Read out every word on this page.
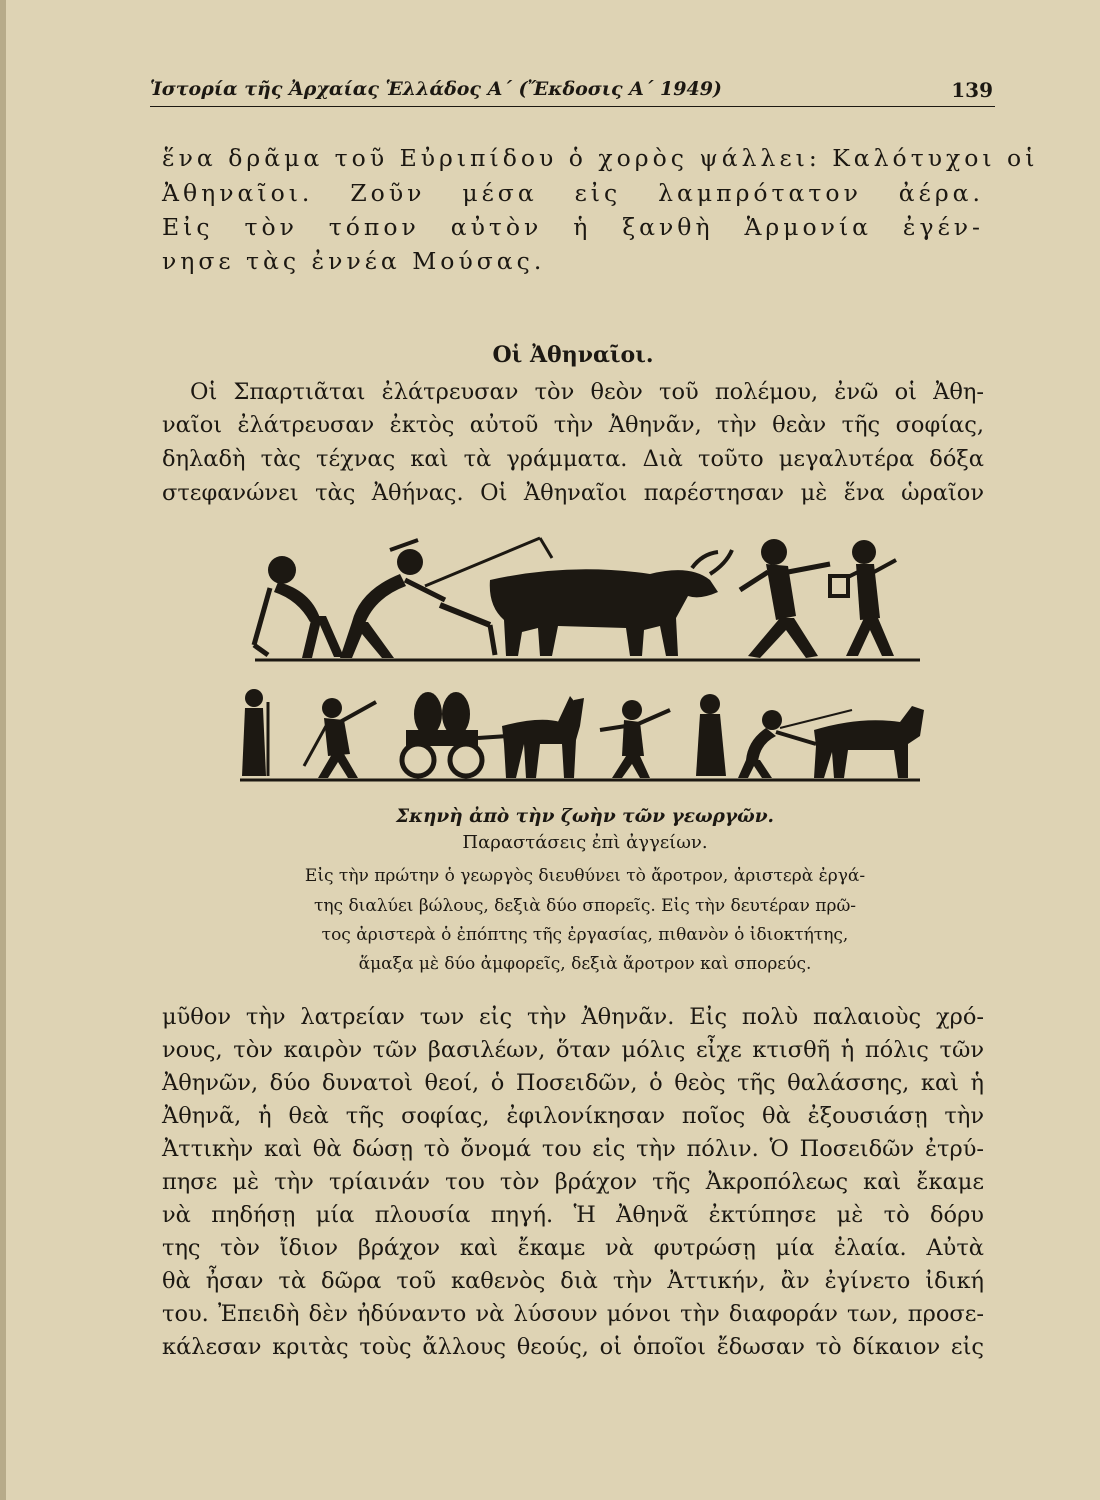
Ἱστορία τῆς Ἀρχαίας Ἑλλάδος Α΄ (Ἔκδοσις Α΄ 1949)	139
ἕνα δρᾶμα τοῦ Εὐριπίδου ὁ χορὸς ψάλλει: Καλότυχοι οἱ
Ἀθηναῖοι. Ζοῦν μέσα εἰς λαμπρότατον ἀέρα.
Εἰς τὸν τόπον αὐτὸν ἡ ξανθὴ Ἁρμονία ἐγέν-
νησε τὰς ἐννέα Μούσας.
Οἱ Ἀθηναῖοι.
Οἱ Σπαρτιᾶται ἐλάτρευσαν τὸν θεὸν τοῦ πολέμου, ἐνῶ οἱ Ἀθη-
ναῖοι ἐλάτρευσαν ἐκτὸς αὐτοῦ τὴν Ἀθηνᾶν, τὴν θεὰν τῆς σοφίας,
δηλαδὴ τὰς τέχνας καὶ τὰ γράμματα. Διὰ τοῦτο μεγαλυτέρα δόξα
στεφανώνει τὰς Ἀθήνας. Οἱ Ἀθηναῖοι παρέστησαν μὲ ἕνα ὡραῖον
Σκηνὴ ἀπὸ τὴν ζωὴν τῶν γεωργῶν.
Παραστάσεις ἐπὶ ἀγγείων.
Εἰς τὴν πρώτην ὁ γεωργὸς διευθύνει τὸ ἄροτρον, ἀριστερὰ ἐργά-
της διαλύει βώλους, δεξιὰ δύο σπορεῖς. Εἰς τὴν δευτέραν πρῶ-
τος ἀριστερὰ ὁ ἐπόπτης τῆς ἐργασίας, πιθανὸν ὁ ἰδιοκτήτης,
ἅμαξα μὲ δύο ἀμφορεῖς, δεξιὰ ἄροτρον καὶ σπορεύς.
μῦθον τὴν λατρείαν των εἰς τὴν Ἀθηνᾶν. Εἰς πολὺ παλαιοὺς χρό-
νους, τὸν καιρὸν τῶν βασιλέων, ὅταν μόλις εἶχε κτισθῆ ἡ πόλις τῶν
Ἀθηνῶν, δύο δυνατοὶ θεοί, ὁ Ποσειδῶν, ὁ θεὸς τῆς θαλάσσης, καὶ ἡ
Ἀθηνᾶ, ἡ θεὰ τῆς σοφίας, ἐφιλονίκησαν ποῖος θὰ ἐξουσιάσῃ τὴν
Ἀττικὴν καὶ θὰ δώσῃ τὸ ὄνομά του εἰς τὴν πόλιν. Ὁ Ποσειδῶν ἐτρύ-
πησε μὲ τὴν τρίαινάν του τὸν βράχον τῆς Ἀκροπόλεως καὶ ἔκαμε
νὰ πηδήσῃ μία πλουσία πηγή. Ἡ Ἀθηνᾶ ἐκτύπησε μὲ τὸ δόρυ
της τὸν ἴδιον βράχον καὶ ἔκαμε νὰ φυτρώσῃ μία ἐλαία. Αὐτὰ
θὰ ἦσαν τὰ δῶρα τοῦ καθενὸς διὰ τὴν Ἀττικήν, ἂν ἐγίνετο ἰδική
του. Ἐπειδὴ δὲν ἠδύναντο νὰ λύσουν μόνοι τὴν διαφοράν των, προσε-
κάλεσαν κριτὰς τοὺς ἄλλους θεούς, οἱ ὁποῖοι ἔδωσαν τὸ δίκαιον εἰς
